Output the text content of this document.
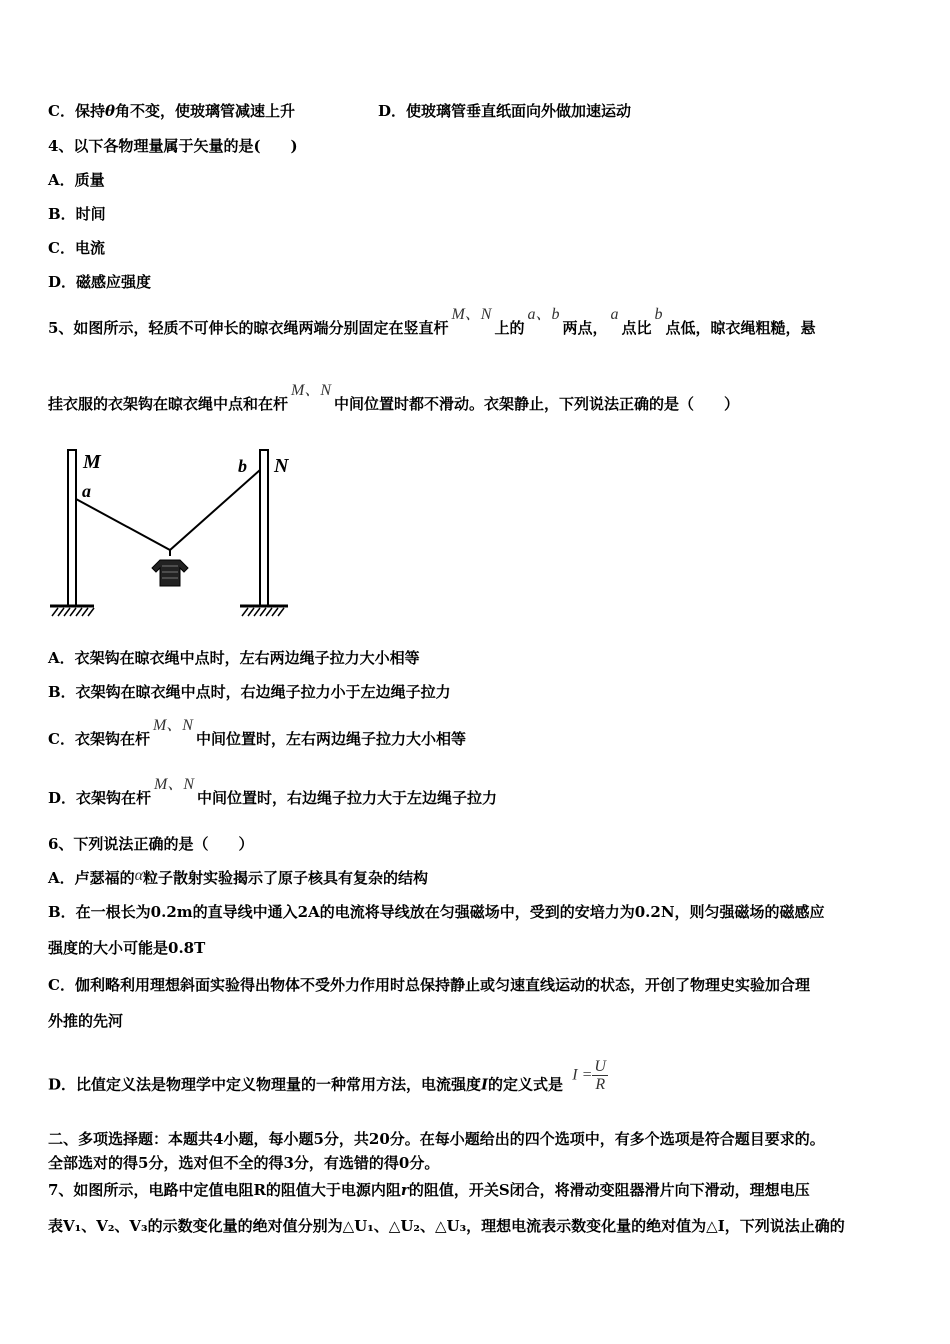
C．保持θ角不变，使玻璃管减速上升	D．使玻璃管垂直纸面向外做加速运动
4、以下各物理量属于矢量的是(　　)
A．质量
B．时间
C．电流
D．磁感应强度
5、如图所示，轻质不可伸长的晾衣绳两端分别固定在竖直杆M、N上的a、b两点，a点比b点低，晾衣绳粗糙，悬
挂衣服的衣架钩在晾衣绳中点和在杆M、N中间位置时都不滑动。衣架静止，下列说法正确的是（　　）
M
a
b N
A．衣架钩在晾衣绳中点时，左右两边绳子拉力大小相等
B．衣架钩在晾衣绳中点时，右边绳子拉力小于左边绳子拉力
C．衣架钩在杆M、N中间位置时，左右两边绳子拉力大小相等
D．衣架钩在杆M、N中间位置时，右边绳子拉力大于左边绳子拉力
6、下列说法正确的是（　　）
A．卢瑟福的α粒子散射实验揭示了原子核具有复杂的结构
B．在一根长为0.2m的直导线中通入2A的电流将导线放在匀强磁场中，受到的安培力为0.2N，则匀强磁场的磁感应
强度的大小可能是0.8T
C．伽利略利用理想斜面实验得出物体不受外力作用时总保持静止或匀速直线运动的状态，开创了物理史实验加合理
外推的先河
D．比值定义法是物理学中定义物理量的一种常用方法，电流强度I的定义式是 $I = \frac{U}{R}$
二、多项选择题：本题共4小题，每小题5分，共20分。在每小题给出的四个选项中，有多个选项是符合题目要求的。
全部选对的得5分，选对但不全的得3分，有选错的得0分。
7、如图所示，电路中定值电阻R的阻值大于电源内阻r的阻值，开关S闭合，将滑动变阻器滑片向下滑动，理想电压
表V₁、V₂、V₃的示数变化量的绝对值分别为△U₁、△U₂、△U₃，理想电流表示数变化量的绝对值为△I，下列说法止确的
